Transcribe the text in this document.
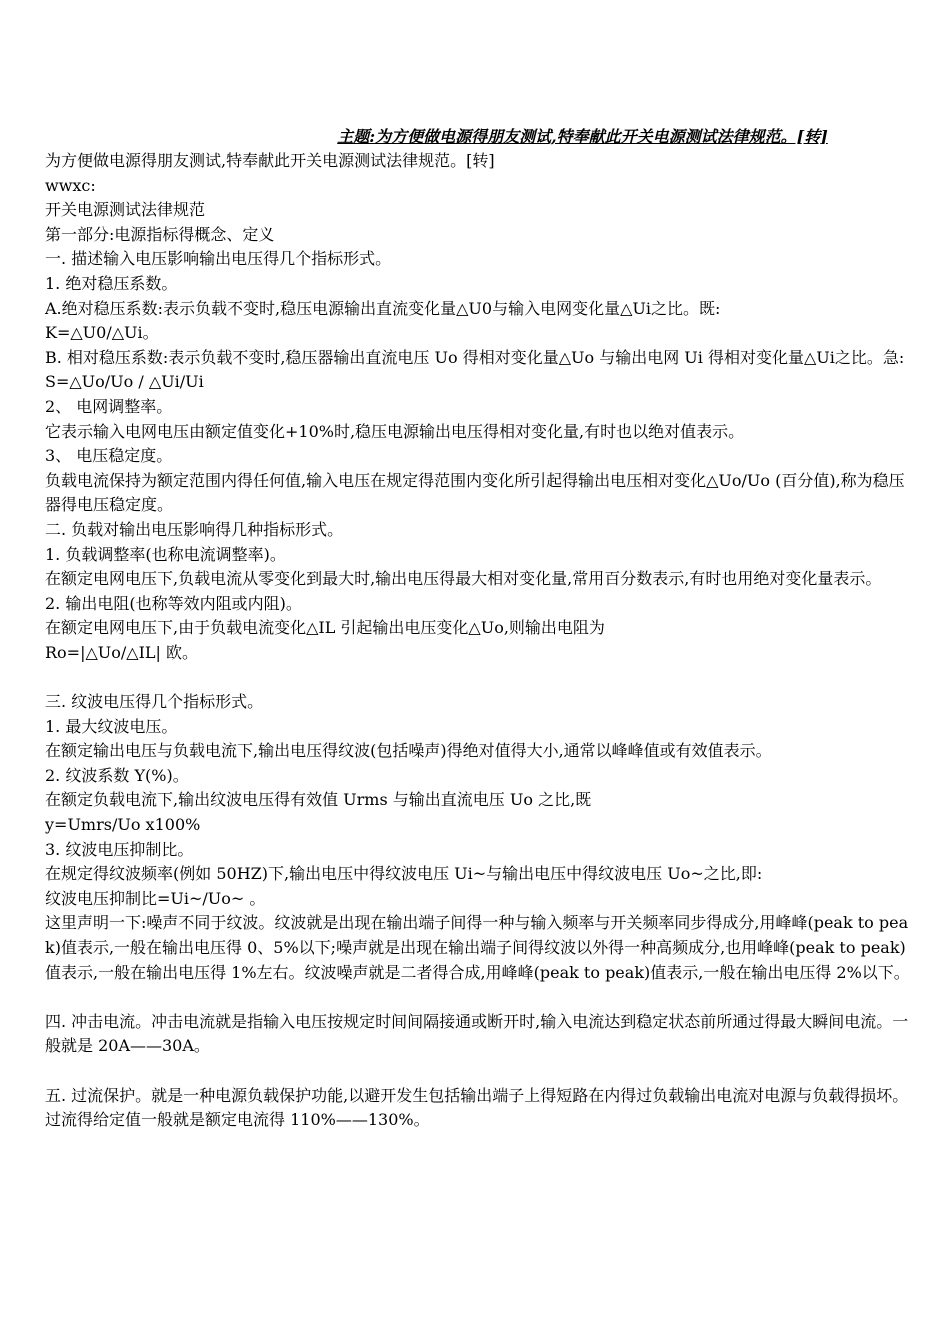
主题:为方便做电源得朋友测试,特奉献此开关电源测试法律规范。[转]
为方便做电源得朋友测试,特奉献此开关电源测试法律规范。[转]
wwxc:
开关电源测试法律规范
第一部分:电源指标得概念、定义
一. 描述输入电压影响输出电压得几个指标形式。
1. 绝对稳压系数。
A.绝对稳压系数:表示负载不变时,稳压电源输出直流变化量△U0与输入电网变化量△Ui之比。既:
K=△U0/△Ui。
B. 相对稳压系数:表示负载不变时,稳压器输出直流电压 Uo 得相对变化量△Uo 与输出电网 Ui 得相对变化量△Ui之比。急:
S=△Uo/Uo / △Ui/Ui
2、 电网调整率。
它表示输入电网电压由额定值变化+10%时,稳压电源输出电压得相对变化量,有时也以绝对值表示。
3、 电压稳定度。
负载电流保持为额定范围内得任何值,输入电压在规定得范围内变化所引起得输出电压相对变化△Uo/Uo (百分值),称为稳压器得电压稳定度。
二. 负载对输出电压影响得几种指标形式。
1. 负载调整率(也称电流调整率)。
在额定电网电压下,负载电流从零变化到最大时,输出电压得最大相对变化量,常用百分数表示,有时也用绝对变化量表示。
2. 输出电阻(也称等效内阻或内阻)。
在额定电网电压下,由于负载电流变化△IL 引起输出电压变化△Uo,则输出电阻为
Ro=|△Uo/△IL| 欧。
三. 纹波电压得几个指标形式。
1. 最大纹波电压。
在额定输出电压与负载电流下,输出电压得纹波(包括噪声)得绝对值得大小,通常以峰峰值或有效值表示。
2. 纹波系数 Y(%)。
在额定负载电流下,输出纹波电压得有效值 Urms 与输出直流电压 Uo 之比,既
y=Umrs/Uo x100%
3. 纹波电压抑制比。
在规定得纹波频率(例如 50HZ)下,输出电压中得纹波电压 Ui~与输出电压中得纹波电压 Uo~之比,即:
纹波电压抑制比=Ui~/Uo~ 。
这里声明一下:噪声不同于纹波。纹波就是出现在输出端子间得一种与输入频率与开关频率同步得成分,用峰峰(peak to peak)值表示,一般在输出电压得 0、5%以下;噪声就是出现在输出端子间得纹波以外得一种高频成分,也用峰峰(peak to peak)值表示,一般在输出电压得 1%左右。纹波噪声就是二者得合成,用峰峰(peak to peak)值表示,一般在输出电压得 2%以下。
四. 冲击电流。冲击电流就是指输入电压按规定时间间隔接通或断开时,输入电流达到稳定状态前所通过得最大瞬间电流。一般就是 20A——30A。
五. 过流保护。就是一种电源负载保护功能,以避开发生包括输出端子上得短路在内得过负载输出电流对电源与负载得损坏。过流得给定值一般就是额定电流得 110%——130%。
